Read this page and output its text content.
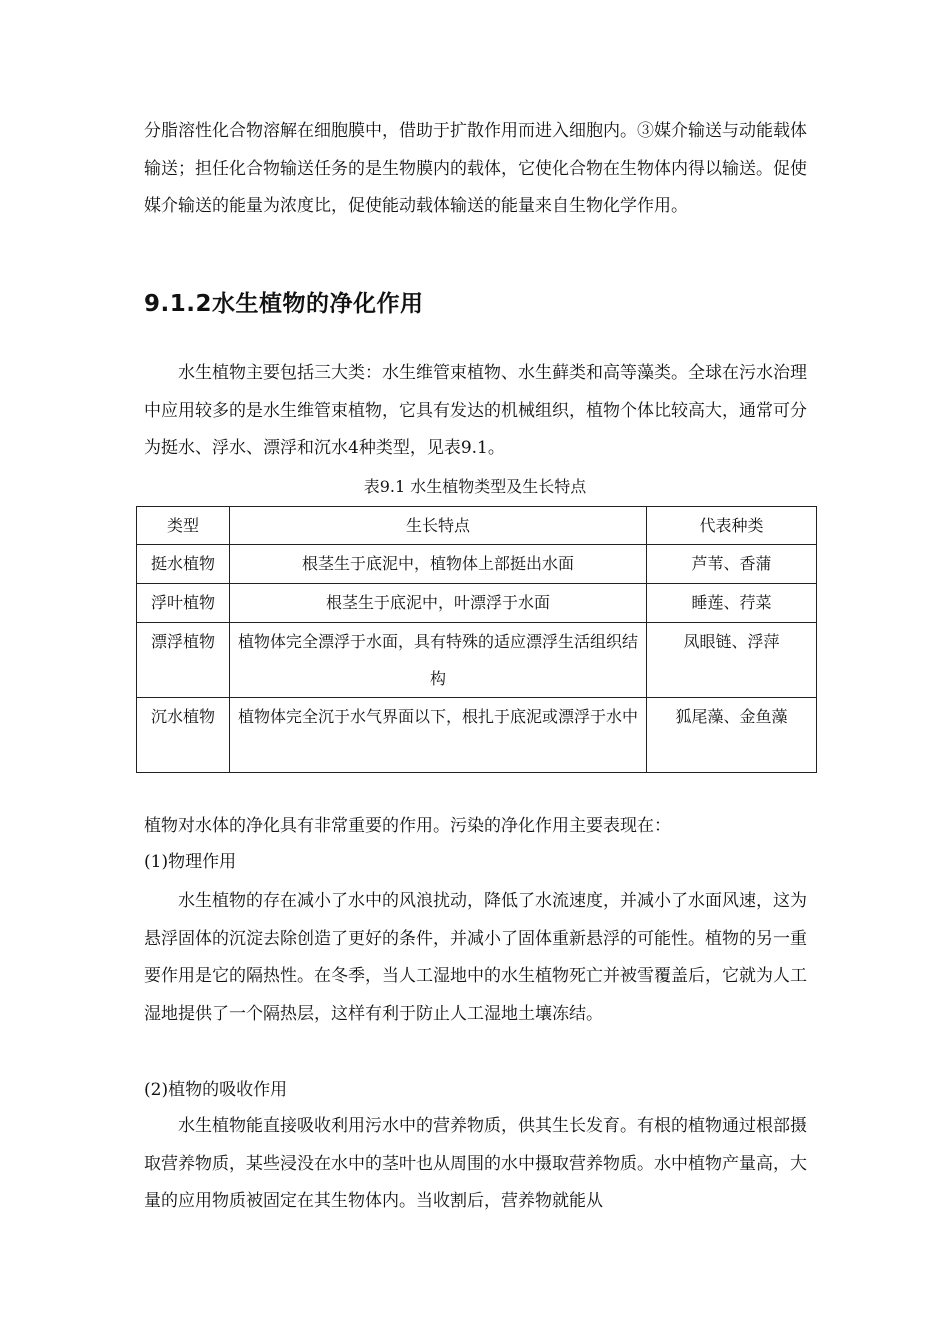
分脂溶性化合物溶解在细胞膜中，借助于扩散作用而进入细胞内。③媒介输送与动能载体输送；担任化合物输送任务的是生物膜内的载体，它使化合物在生物体内得以输送。促使媒介输送的能量为浓度比，促使能动载体输送的能量来自生物化学作用。

9.1.2水生植物的净化作用

水生植物主要包括三大类：水生维管束植物、水生藓类和高等藻类。全球在污水治理中应用较多的是水生维管束植物，它具有发达的机械组织，植物个体比较高大，通常可分为挺水、浮水、漂浮和沉水4种类型，见表9.1。

表9.1 水生植物类型及生长特点

类型	生长特点	代表种类
挺水植物	根茎生于底泥中，植物体上部挺出水面	芦苇、香蒲
浮叶植物	根茎生于底泥中，叶漂浮于水面	睡莲、荇菜
漂浮植物	植物体完全漂浮于水面，具有特殊的适应漂浮生活组织结构	凤眼链、浮萍
沉水植物	植物体完全沉于水气界面以下，根扎于底泥或漂浮于水中	狐尾藻、金鱼藻

植物对水体的净化具有非常重要的作用。污染的净化作用主要表现在：

(1)物理作用

水生植物的存在减小了水中的风浪扰动，降低了水流速度，并减小了水面风速，这为悬浮固体的沉淀去除创造了更好的条件，并减小了固体重新悬浮的可能性。植物的另一重要作用是它的隔热性。在冬季，当人工湿地中的水生植物死亡并被雪覆盖后，它就为人工湿地提供了一个隔热层，这样有利于防止人工湿地土壤冻结。

(2)植物的吸收作用

水生植物能直接吸收利用污水中的营养物质，供其生长发育。有根的植物通过根部摄取营养物质，某些浸没在水中的茎叶也从周围的水中摄取营养物质。水中植物产量高，大量的应用物质被固定在其生物体内。当收割后，营养物就能从
